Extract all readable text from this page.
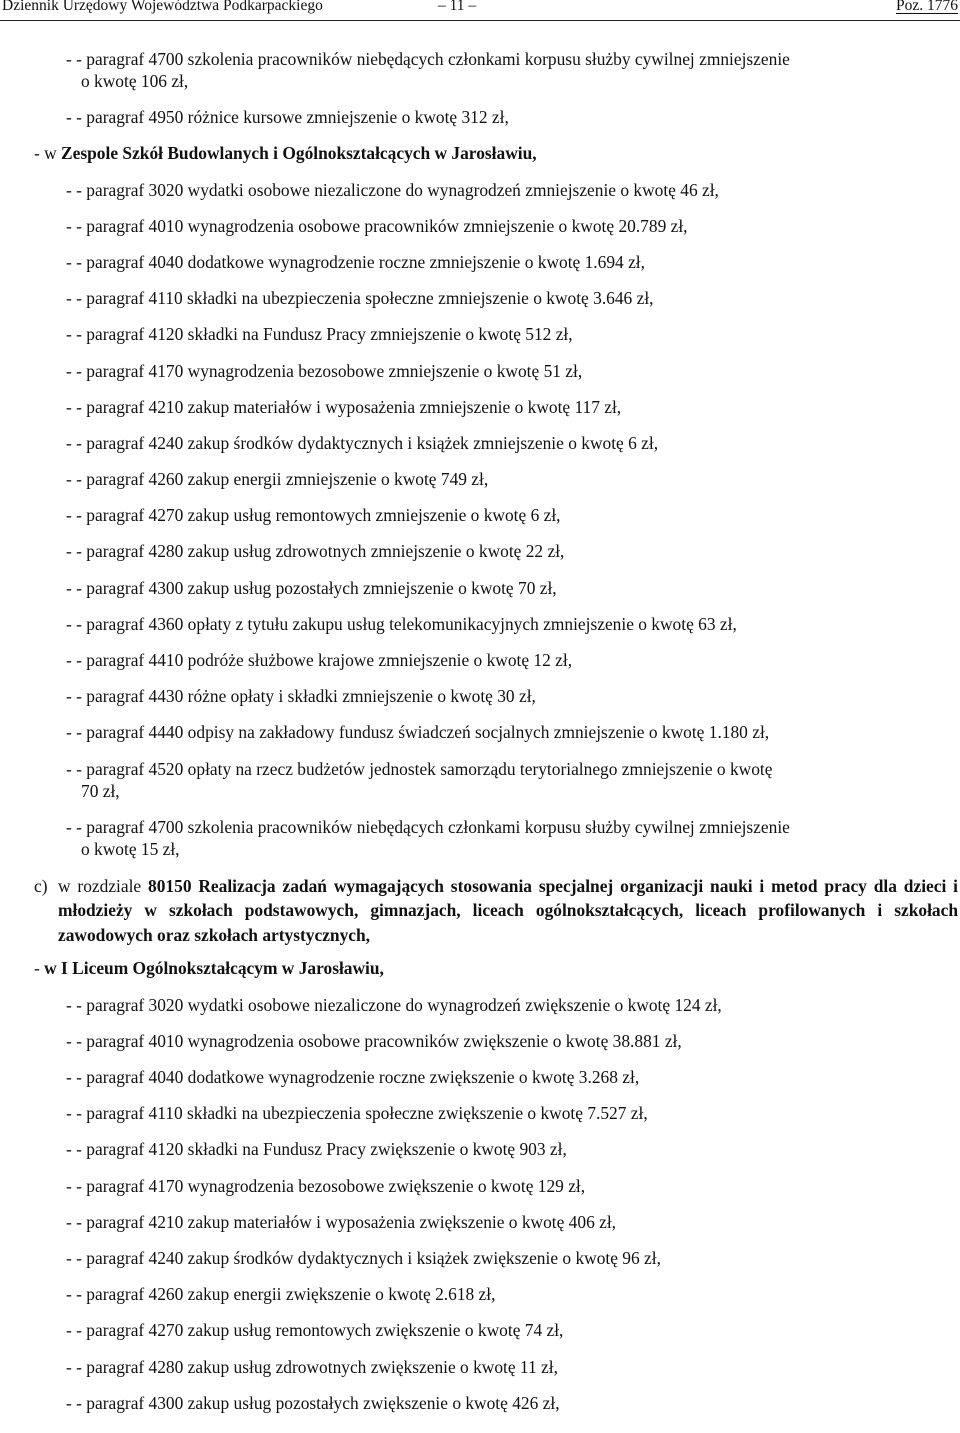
Dziennik Urzędowy Województwa Podkarpackiego	– 11 –	Poz. 1776
- - paragraf 4700 szkolenia pracowników niebędących członkami korpusu służby cywilnej zmniejszenie
o kwotę 106 zł,
- - paragraf 4950 różnice kursowe zmniejszenie o kwotę 312 zł,
- w Zespole Szkół Budowlanych i Ogólnokształcących w Jarosławiu,
- - paragraf 3020 wydatki osobowe niezaliczone do wynagrodzeń zmniejszenie o kwotę 46 zł,
- - paragraf 4010 wynagrodzenia osobowe pracowników zmniejszenie o kwotę 20.789 zł,
- - paragraf 4040 dodatkowe wynagrodzenie roczne zmniejszenie o kwotę 1.694 zł,
- - paragraf 4110 składki na ubezpieczenia społeczne zmniejszenie o kwotę 3.646 zł,
- - paragraf 4120 składki na Fundusz Pracy zmniejszenie o kwotę 512 zł,
- - paragraf 4170 wynagrodzenia bezosobowe zmniejszenie o kwotę 51 zł,
- - paragraf 4210 zakup materiałów i wyposażenia zmniejszenie o kwotę 117 zł,
- - paragraf 4240 zakup środków dydaktycznych i książek zmniejszenie o kwotę 6 zł,
- - paragraf 4260 zakup energii zmniejszenie o kwotę 749 zł,
- - paragraf 4270 zakup usług remontowych zmniejszenie o kwotę 6 zł,
- - paragraf 4280 zakup usług zdrowotnych zmniejszenie o kwotę 22 zł,
- - paragraf 4300 zakup usług pozostałych zmniejszenie o kwotę 70 zł,
- - paragraf 4360 opłaty z tytułu zakupu usług telekomunikacyjnych zmniejszenie o kwotę 63 zł,
- - paragraf 4410 podróże służbowe krajowe zmniejszenie o kwotę 12 zł,
- - paragraf 4430 różne opłaty i składki zmniejszenie o kwotę 30 zł,
- - paragraf 4440 odpisy na zakładowy fundusz świadczeń socjalnych zmniejszenie o kwotę 1.180 zł,
- - paragraf 4520 opłaty na rzecz budżetów jednostek samorządu terytorialnego zmniejszenie o kwotę
70 zł,
- - paragraf 4700 szkolenia pracowników niebędących członkami korpusu służby cywilnej zmniejszenie
o kwotę 15 zł,
c) w rozdziale 80150 Realizacja zadań wymagających stosowania specjalnej organizacji nauki i metod pracy dla dzieci i młodzieży w szkołach podstawowych, gimnazjach, liceach ogólnokształcących, liceach profilowanych i szkołach zawodowych oraz szkołach artystycznych,
- w I Liceum Ogólnokształcącym w Jarosławiu,
- - paragraf 3020 wydatki osobowe niezaliczone do wynagrodzeń zwiększenie o kwotę 124 zł,
- - paragraf 4010 wynagrodzenia osobowe pracowników zwiększenie o kwotę 38.881 zł,
- - paragraf 4040 dodatkowe wynagrodzenie roczne zwiększenie o kwotę 3.268 zł,
- - paragraf 4110 składki na ubezpieczenia społeczne zwiększenie o kwotę 7.527 zł,
- - paragraf 4120 składki na Fundusz Pracy zwiększenie o kwotę 903 zł,
- - paragraf 4170 wynagrodzenia bezosobowe zwiększenie o kwotę 129 zł,
- - paragraf 4210 zakup materiałów i wyposażenia zwiększenie o kwotę 406 zł,
- - paragraf 4240 zakup środków dydaktycznych i książek zwiększenie o kwotę 96 zł,
- - paragraf 4260 zakup energii zwiększenie o kwotę 2.618 zł,
- - paragraf 4270 zakup usług remontowych zwiększenie o kwotę 74 zł,
- - paragraf 4280 zakup usług zdrowotnych zwiększenie o kwotę 11 zł,
- - paragraf 4300 zakup usług pozostałych zwiększenie o kwotę 426 zł,
